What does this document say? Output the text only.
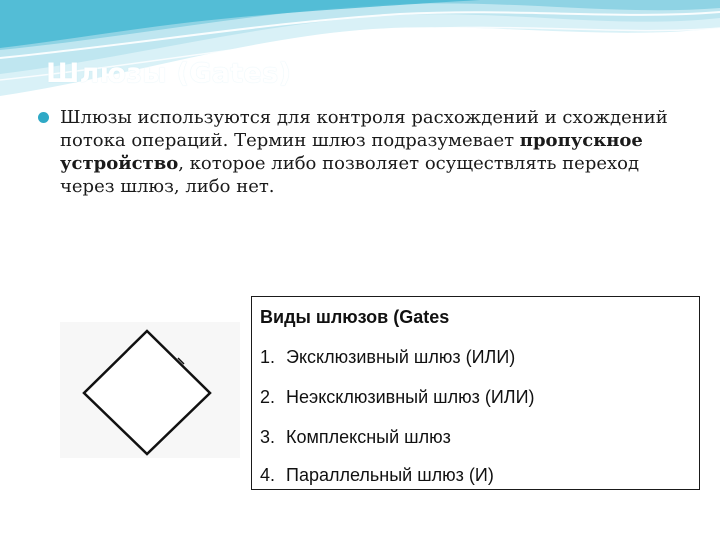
Шлюзы (Gates)

Шлюзы используются для контроля расхождений и схождений потока операций. Термин шлюз подразумевает пропускное устройство, которое либо позволяет осуществлять переход через шлюз, либо нет.

Виды шлюзов (Gates

1. Эксклюзивный шлюз (ИЛИ)
2. Неэксклюзивный шлюз (ИЛИ)
3. Комплексный шлюз
4. Параллельный шлюз (И)
